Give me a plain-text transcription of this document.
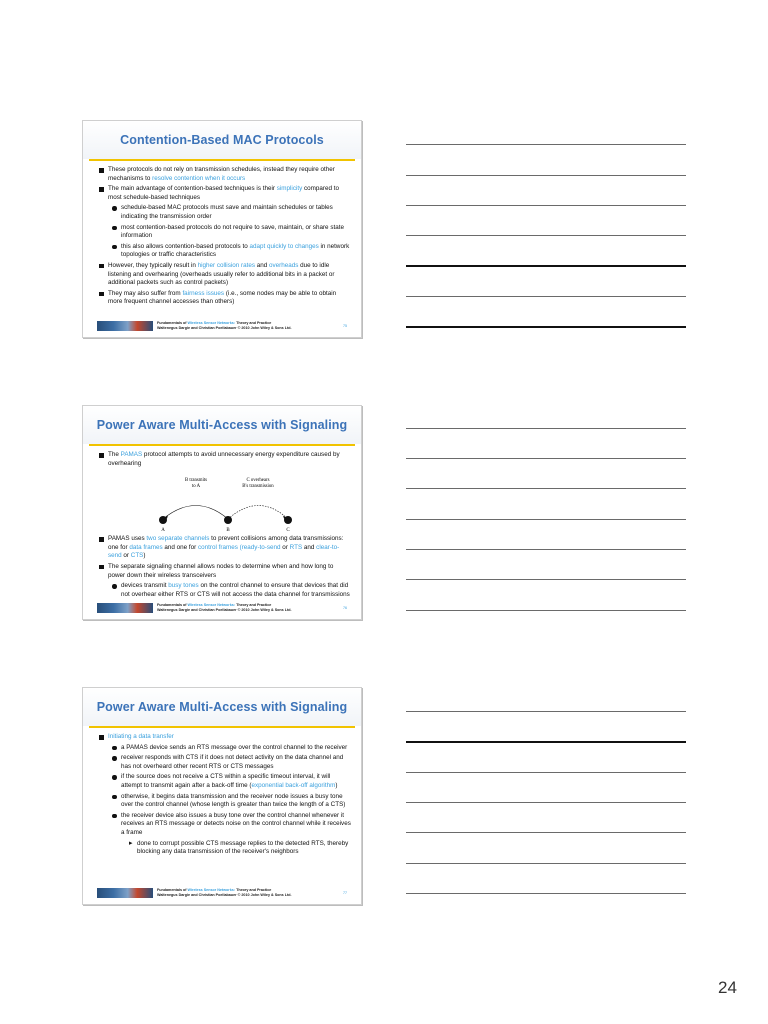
Contention-Based MAC Protocols
These protocols do not rely on transmission schedules, instead they require other mechanisms to resolve contention when it occurs
The main advantage of contention-based techniques is their simplicity compared to most schedule-based techniques
schedule-based MAC protocols must save and maintain schedules or tables indicating the transmission order
most contention-based protocols do not require to save, maintain, or share state information
this also allows contention-based protocols to adapt quickly to changes in network topologies or traffic characteristics
However, they typically result in higher collision rates and overheads due to idle listening and overhearing (overheads usually refer to additional bits in a packet or additional packets such as control packets)
They may also suffer from fairness issues (i.e., some nodes may be able to obtain more frequent channel accesses than others)
Fundamentals of Wireless Sensor Networks: Theory and Practice
Waltenegus Dargie and Christian Poellabauer © 2010 John Wiley & Sons Ltd.	75
Power Aware Multi-Access with Signaling
The PAMAS protocol attempts to avoid unnecessary energy expenditure caused by overhearing
B transmits
to A
C overhears
B's transmission
A	B	C
PAMAS uses two separate channels to prevent collisions among data transmissions: one for data frames and one for control frames (ready-to-send or RTS and clear-to-send or CTS)
The separate signaling channel allows nodes to determine when and how long to power down their wireless transceivers
devices transmit busy tones on the control channel to ensure that devices that did not overhear either RTS or CTS will not access the data channel for transmissions
Fundamentals of Wireless Sensor Networks: Theory and Practice
Waltenegus Dargie and Christian Poellabauer © 2010 John Wiley & Sons Ltd.	76
Power Aware Multi-Access with Signaling
Initiating a data transfer
a PAMAS device sends an RTS message over the control channel to the receiver
receiver responds with CTS if it does not detect activity on the data channel and has not overheard other recent RTS or CTS messages
if the source does not receive a CTS within a specific timeout interval, it will attempt to transmit again after a back-off time (exponential back-off algorithm)
otherwise, it begins data transmission and the receiver node issues a busy tone over the control channel (whose length is greater than twice the length of a CTS)
the receiver device also issues a busy tone over the control channel whenever it receives an RTS message or detects noise on the control channel while it receives a frame
▸ done to corrupt possible CTS message replies to the detected RTS, thereby blocking any data transmission of the receiver's neighbors
Fundamentals of Wireless Sensor Networks: Theory and Practice
Waltenegus Dargie and Christian Poellabauer © 2010 John Wiley & Sons Ltd.	77
24
